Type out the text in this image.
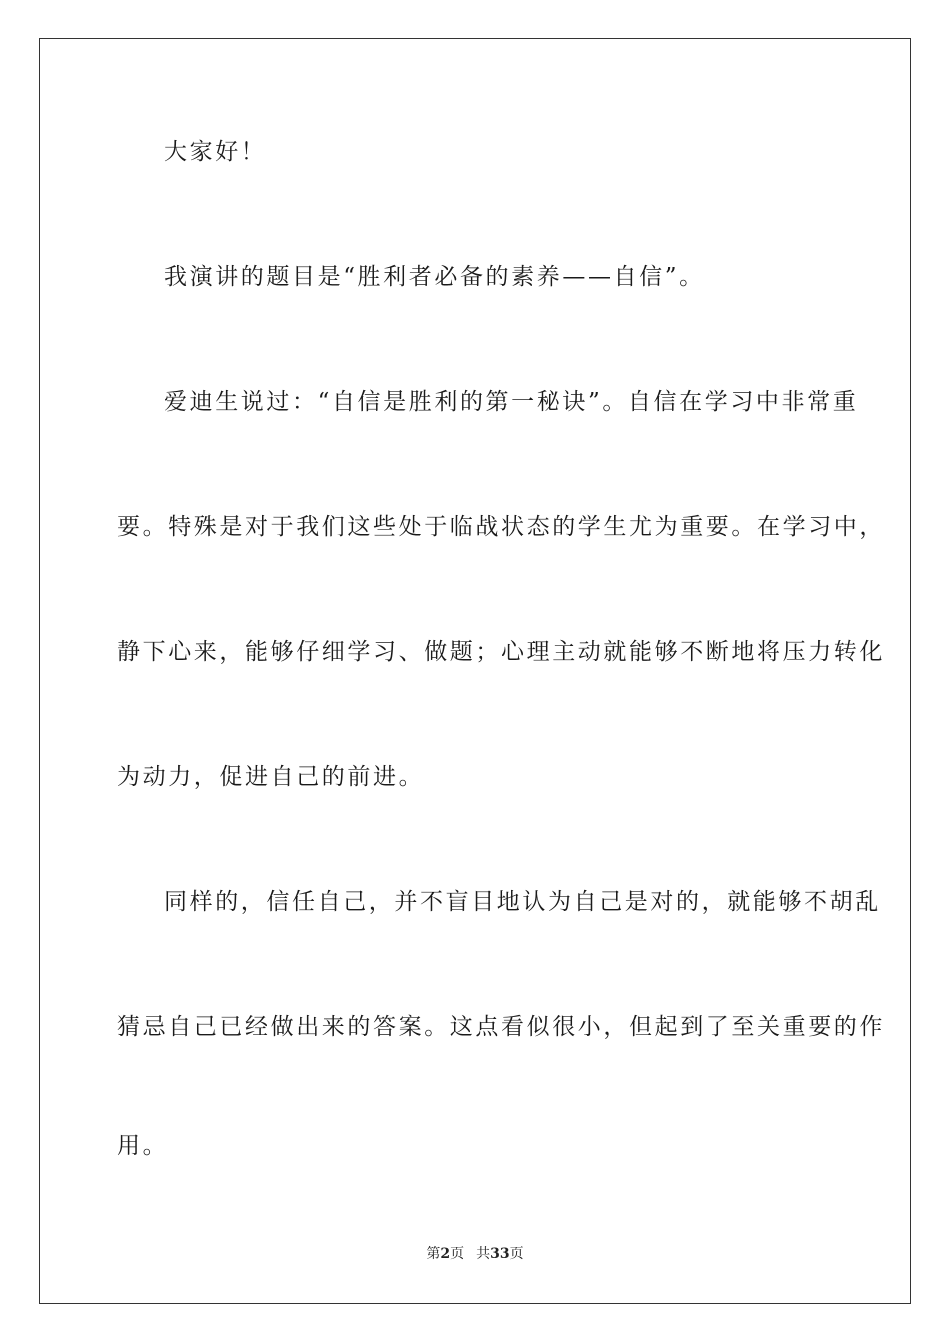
大家好！
我演讲的题目是“胜利者必备的素养——自信”。
爱迪生说过：“自信是胜利的第一秘诀”。自信在学习中非常重
要。特殊是对于我们这些处于临战状态的学生尤为重要。在学习中，
静下心来，能够仔细学习、做题；心理主动就能够不断地将压力转化
为动力，促进自己的前进。
同样的，信任自己，并不盲目地认为自己是对的，就能够不胡乱
猜忌自己已经做出来的答案。这点看似很小，但起到了至关重要的作
用。
第2页 共33页
